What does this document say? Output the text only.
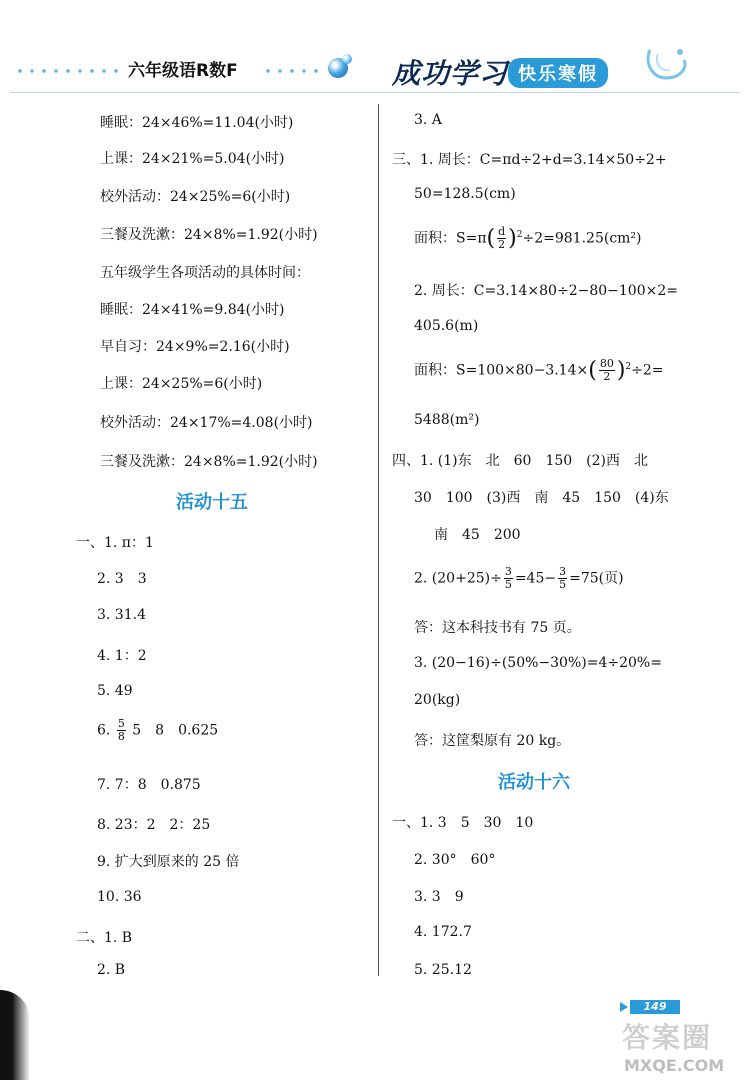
六年级语R数F	成功学习 快乐寒假
睡眠：24×46%=11.04(小时)
上课：24×21%=5.04(小时)
校外活动：24×25%=6(小时)
三餐及洗漱：24×8%=1.92(小时)
五年级学生各项活动的具体时间：
睡眠：24×41%=9.84(小时)
早自习：24×9%=2.16(小时)
上课：24×25%=6(小时)
校外活动：24×17%=4.08(小时)
三餐及洗漱：24×8%=1.92(小时)
活动十五
一、1. π：1
2. 3　3
3. 31.4
4. 1：2
5. 49
6. $\frac{5}{8} 5$　8　0.625
7. 7：8　0.875
8. 23：2　2：25
9. 扩大到原来的 25 倍
10. 36
二、1. B
2. B
3. A
三、1. 周长：C=πd÷2+d=3.14×50÷2+
50=128.5(cm)
面积：$S=\pi( \frac{d}{2} )^2\div 2=981.25(cm^2)$
2. 周长：C=3.14×80÷2−80−100×2=
405.6(m)
面积：$S=100\times 80-3.14\times( \frac{80}{2} )^2\div 2=$
5488(m²)
四、1. (1)东　北　60　150　(2)西　北
30　100　(3)西　南　45　150　(4)东
南　45　200
2. $(20+25)\div \frac{3}{5} =45- \frac{3}{5} =75$(页)
答：这本科技书有 75 页。
3. (20−16)÷(50%−30%)=4÷20%=
20(kg)
答：这筐梨原有 20 kg。
活动十六
一、1. 3　5　30　10
2. 30°　60°
3. 3　9
4. 172.7
5. 25.12
149
答案圈
MXQE.COM
